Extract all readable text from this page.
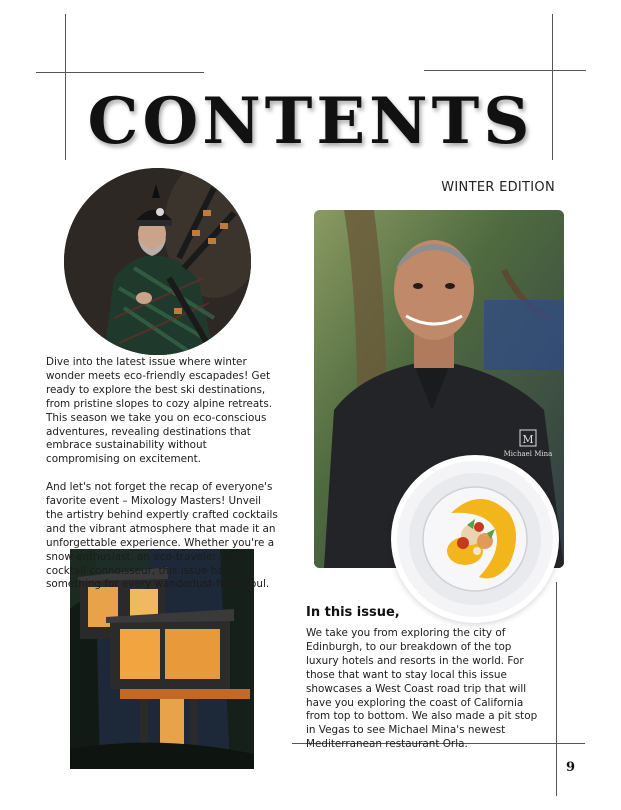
CONTENTS
WINTER EDITION
M
Michael Mina

Dive into the latest issue where winter wonder meets eco-friendly escapades! Get ready to explore the best ski destinations, from pristine slopes to cozy alpine retreats. This season we take you on eco-conscious adventures, revealing destinations that embrace sustainability without compromising on excitement.

And let's not forget the recap of everyone's favorite event – Mixology Masters! Unveil the artistry behind expertly crafted cocktails and the vibrant atmosphere that made it an unforgettable experience. Whether you're a snow enthusiast, an eco-traveler, or a cocktail connoisseur, this issue has something for every wanderlust-filled soul.

In this issue,
We take you from exploring the city of Edinburgh, to our breakdown of the top luxury hotels and resorts in the world. For those that want to stay local this issue showcases a West Coast road trip that will have you exploring the coast of California from top to bottom. We also made a pit stop in Vegas to see Michael Mina's newest Mediterranean restaurant Orla.
9
